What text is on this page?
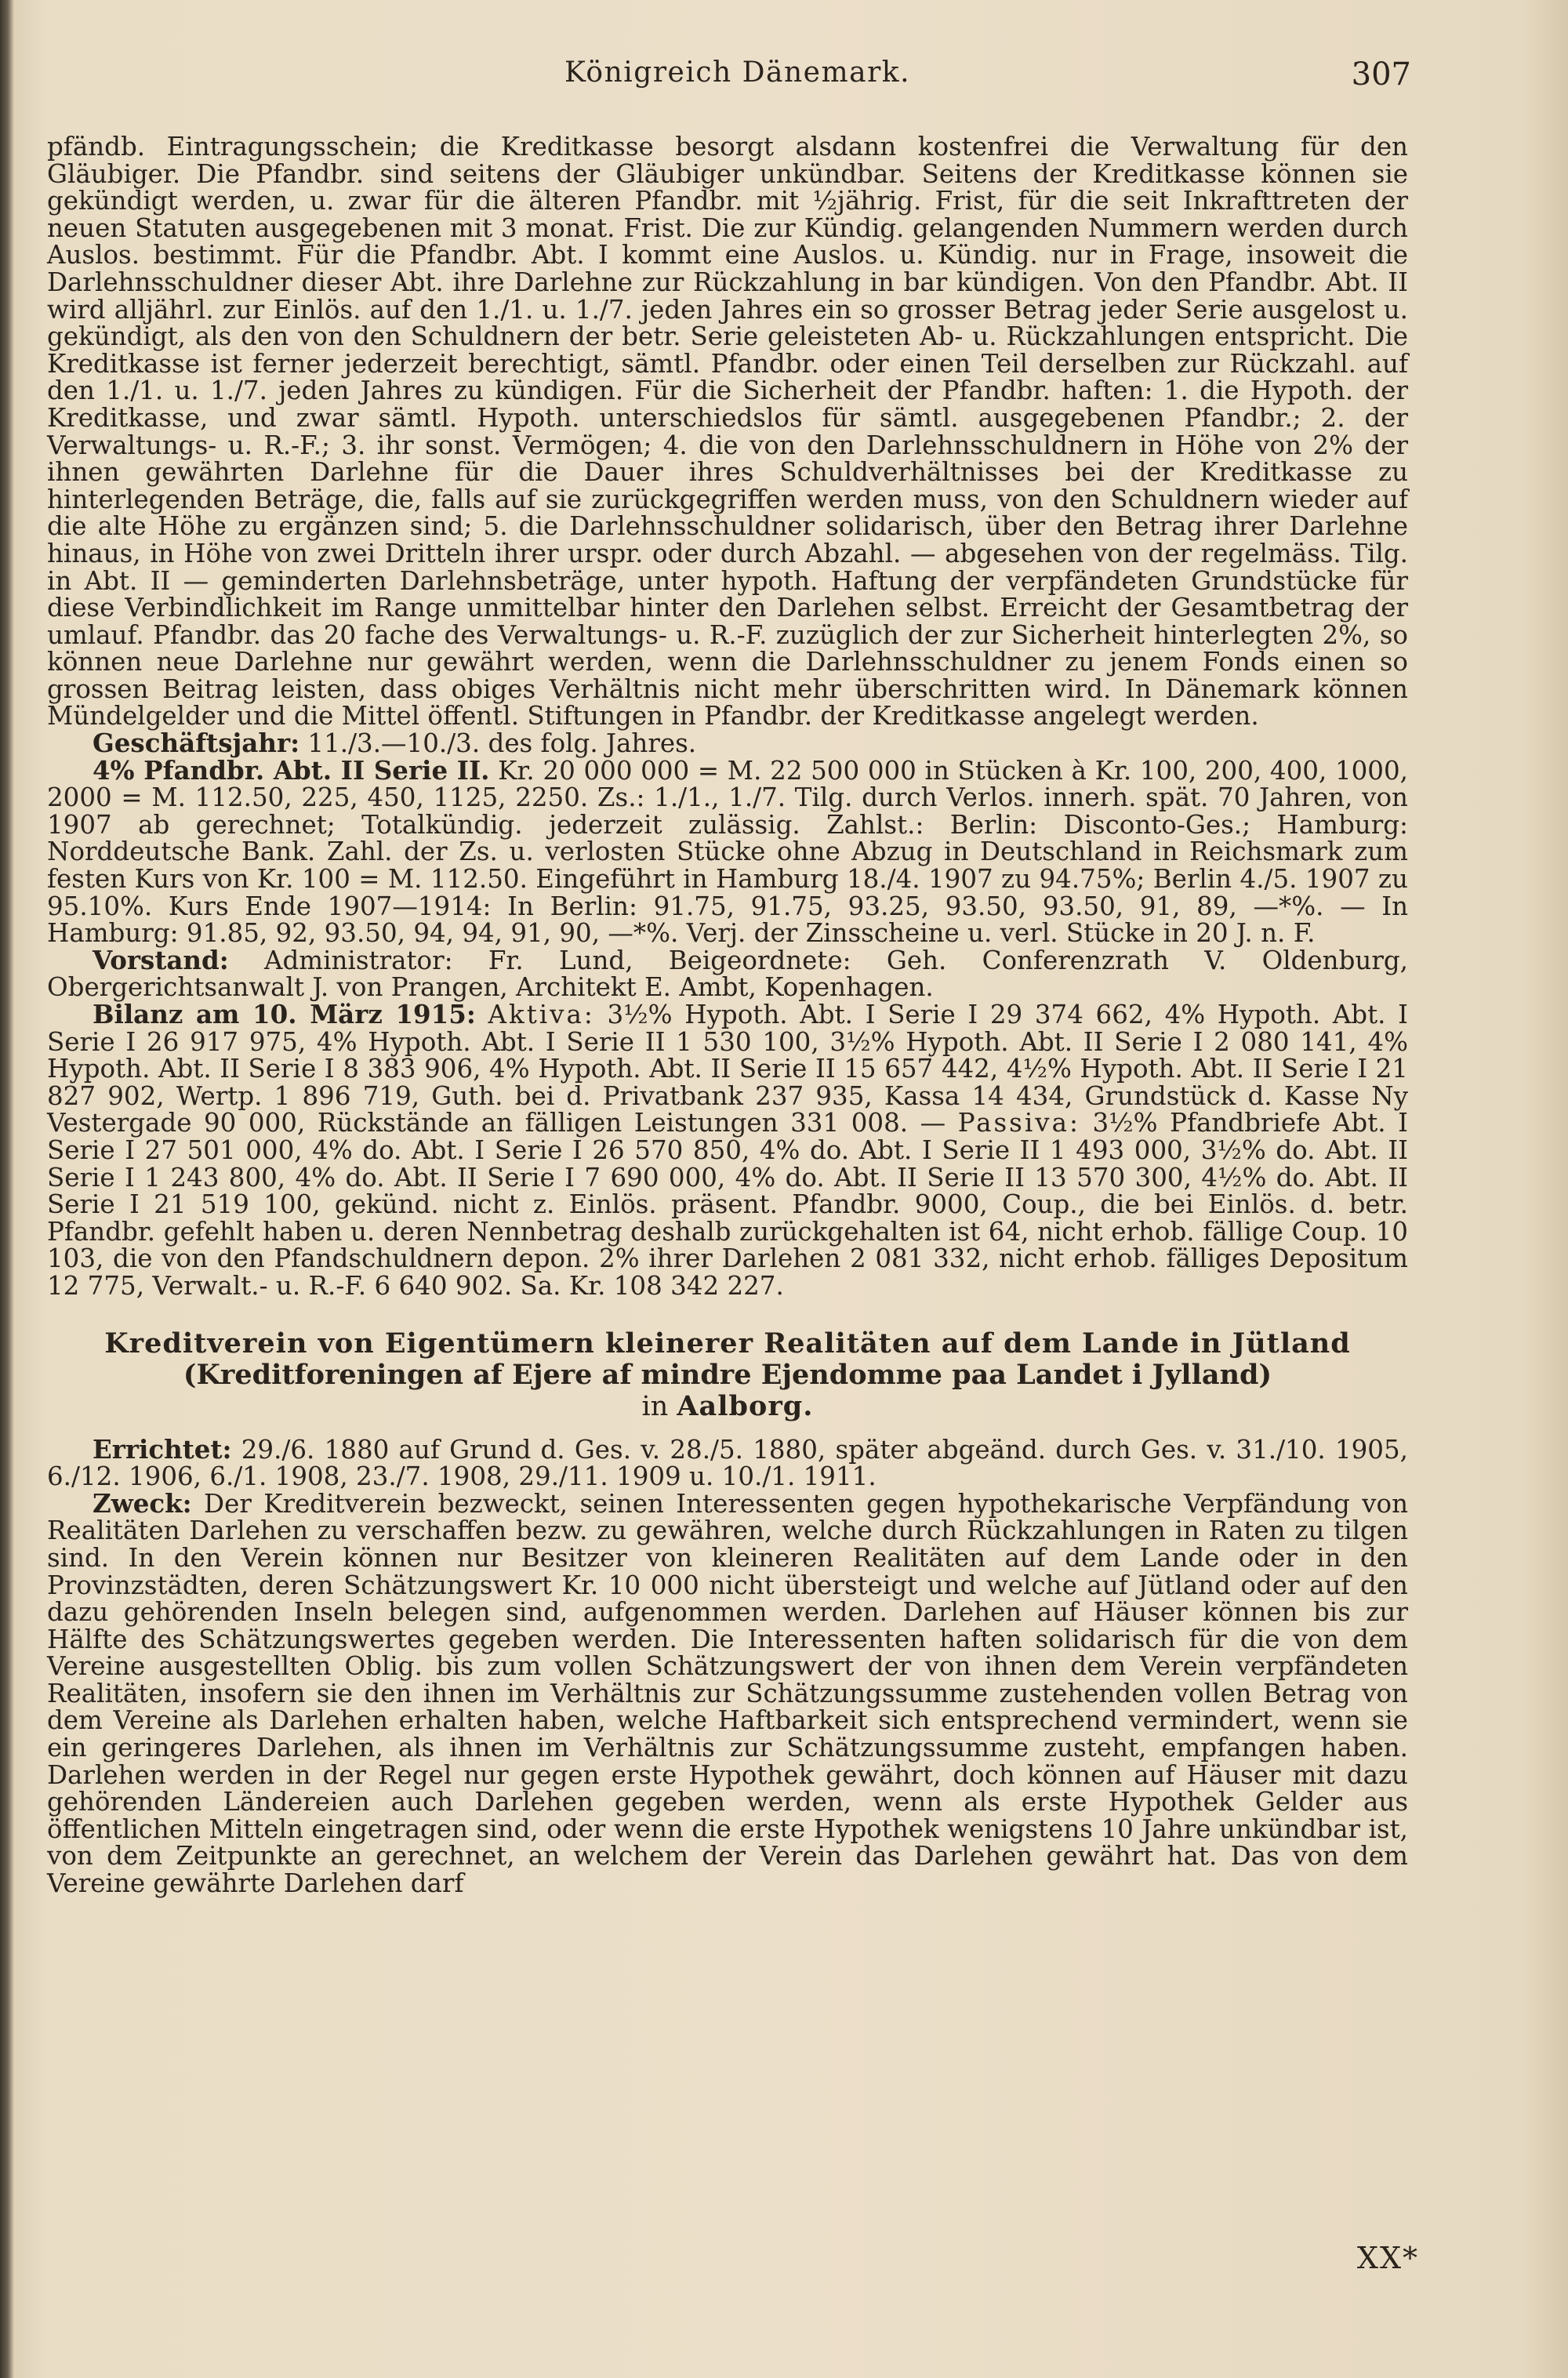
Königreich Dänemark.	307

pfändb. Eintragungsschein; die Kreditkasse besorgt alsdann kostenfrei die Verwaltung für den Gläubiger. Die Pfandbr. sind seitens der Gläubiger unkündbar. Seitens der Kreditkasse können sie gekündigt werden, u. zwar für die älteren Pfandbr. mit ½jährig. Frist, für die seit Inkrafttreten der neuen Statuten ausgegebenen mit 3 monat. Frist. Die zur Kündig. gelangenden Nummern werden durch Auslos. bestimmt. Für die Pfandbr. Abt. I kommt eine Auslos. u. Kündig. nur in Frage, insoweit die Darlehnsschuldner dieser Abt. ihre Darlehne zur Rückzahlung in bar kündigen. Von den Pfandbr. Abt. II wird alljährl. zur Einlös. auf den 1./1. u. 1./7. jeden Jahres ein so grosser Betrag jeder Serie ausgelost u. gekündigt, als den von den Schuldnern der betr. Serie geleisteten Ab- u. Rückzahlungen entspricht. Die Kreditkasse ist ferner jederzeit berechtigt, sämtl. Pfandbr. oder einen Teil derselben zur Rückzahl. auf den 1./1. u. 1./7. jeden Jahres zu kündigen. Für die Sicherheit der Pfandbr. haften: 1. die Hypoth. der Kreditkasse, und zwar sämtl. Hypoth. unterschiedslos für sämtl. ausgegebenen Pfandbr.; 2. der Verwaltungs- u. R.-F.; 3. ihr sonst. Vermögen; 4. die von den Darlehnsschuldnern in Höhe von 2% der ihnen gewährten Darlehne für die Dauer ihres Schuldverhältnisses bei der Kreditkasse zu hinterlegenden Beträge, die, falls auf sie zurückgegriffen werden muss, von den Schuldnern wieder auf die alte Höhe zu ergänzen sind; 5. die Darlehnsschuldner solidarisch, über den Betrag ihrer Darlehne hinaus, in Höhe von zwei Dritteln ihrer urspr. oder durch Abzahl. — abgesehen von der regelmäss. Tilg. in Abt. II — geminderten Darlehnsbeträge, unter hypoth. Haftung der verpfändeten Grundstücke für diese Verbindlichkeit im Range unmittelbar hinter den Darlehen selbst. Erreicht der Gesamtbetrag der umlauf. Pfandbr. das 20 fache des Verwaltungs- u. R.-F. zuzüglich der zur Sicherheit hinterlegten 2%, so können neue Darlehne nur gewährt werden, wenn die Darlehnsschuldner zu jenem Fonds einen so grossen Beitrag leisten, dass obiges Verhältnis nicht mehr überschritten wird. In Dänemark können Mündelgelder und die Mittel öffentl. Stiftungen in Pfandbr. der Kreditkasse angelegt werden.

Geschäftsjahr: 11./3.—10./3. des folg. Jahres.

4% Pfandbr. Abt. II Serie II. Kr. 20 000 000 = M. 22 500 000 in Stücken à Kr. 100, 200, 400, 1000, 2000 = M. 112.50, 225, 450, 1125, 2250. Zs.: 1./1., 1./7. Tilg. durch Verlos. innerh. spät. 70 Jahren, von 1907 ab gerechnet; Totalkündig. jederzeit zulässig. Zahlst.: Berlin: Disconto-Ges.; Hamburg: Norddeutsche Bank. Zahl. der Zs. u. verlosten Stücke ohne Abzug in Deutschland in Reichsmark zum festen Kurs von Kr. 100 = M. 112.50. Eingeführt in Hamburg 18./4. 1907 zu 94.75%; Berlin 4./5. 1907 zu 95.10%. Kurs Ende 1907—1914: In Berlin: 91.75, 91.75, 93.25, 93.50, 93.50, 91, 89, —*%. — In Hamburg: 91.85, 92, 93.50, 94, 94, 91, 90, —*%. Verj. der Zinsscheine u. verl. Stücke in 20 J. n. F.

Vorstand: Administrator: Fr. Lund, Beigeordnete: Geh. Conferenzrath V. Oldenburg, Obergerichtsanwalt J. von Prangen, Architekt E. Ambt, Kopenhagen.

Bilanz am 10. März 1915: Aktiva: 3½% Hypoth. Abt. I Serie I 29 374 662, 4% Hypoth. Abt. I Serie I 26 917 975, 4% Hypoth. Abt. I Serie II 1 530 100, 3½% Hypoth. Abt. II Serie I 2 080 141, 4% Hypoth. Abt. II Serie I 8 383 906, 4% Hypoth. Abt. II Serie II 15 657 442, 4½% Hypoth. Abt. II Serie I 21 827 902, Wertp. 1 896 719, Guth. bei d. Privatbank 237 935, Kassa 14 434, Grundstück d. Kasse Ny Vestergade 90 000, Rückstände an fälligen Leistungen 331 008. — Passiva: 3½% Pfandbriefe Abt. I Serie I 27 501 000, 4% do. Abt. I Serie I 26 570 850, 4% do. Abt. I Serie II 1 493 000, 3½% do. Abt. II Serie I 1 243 800, 4% do. Abt. II Serie I 7 690 000, 4% do. Abt. II Serie II 13 570 300, 4½% do. Abt. II Serie I 21 519 100, gekünd. nicht z. Einlös. präsent. Pfandbr. 9000, Coup., die bei Einlös. d. betr. Pfandbr. gefehlt haben u. deren Nennbetrag deshalb zurückgehalten ist 64, nicht erhob. fällige Coup. 10 103, die von den Pfandschuldnern depon. 2% ihrer Darlehen 2 081 332, nicht erhob. fälliges Depositum 12 775, Verwalt.- u. R.-F. 6 640 902. Sa. Kr. 108 342 227.

Kreditverein von Eigentümern kleinerer Realitäten auf dem Lande in Jütland (Kreditforeningen af Ejere af mindre Ejendomme paa Landet i Jylland)
in Aalborg.

Errichtet: 29./6. 1880 auf Grund d. Ges. v. 28./5. 1880, später abgeänd. durch Ges. v. 31./10. 1905, 6./12. 1906, 6./1. 1908, 23./7. 1908, 29./11. 1909 u. 10./1. 1911.

Zweck: Der Kreditverein bezweckt, seinen Interessenten gegen hypothekarische Verpfändung von Realitäten Darlehen zu verschaffen bezw. zu gewähren, welche durch Rückzahlungen in Raten zu tilgen sind. In den Verein können nur Besitzer von kleineren Realitäten auf dem Lande oder in den Provinzstädten, deren Schätzungswert Kr. 10 000 nicht übersteigt und welche auf Jütland oder auf den dazu gehörenden Inseln belegen sind, aufgenommen werden. Darlehen auf Häuser können bis zur Hälfte des Schätzungswertes gegeben werden. Die Interessenten haften solidarisch für die von dem Vereine ausgestellten Oblig. bis zum vollen Schätzungswert der von ihnen dem Verein verpfändeten Realitäten, insofern sie den ihnen im Verhältnis zur Schätzungssumme zustehenden vollen Betrag von dem Vereine als Darlehen erhalten haben, welche Haftbarkeit sich entsprechend vermindert, wenn sie ein geringeres Darlehen, als ihnen im Verhältnis zur Schätzungssumme zusteht, empfangen haben. Darlehen werden in der Regel nur gegen erste Hypothek gewährt, doch können auf Häuser mit dazu gehörenden Ländereien auch Darlehen gegeben werden, wenn als erste Hypothek Gelder aus öffentlichen Mitteln eingetragen sind, oder wenn die erste Hypothek wenigstens 10 Jahre unkündbar ist, von dem Zeitpunkte an gerechnet, an welchem der Verein das Darlehen gewährt hat. Das von dem Vereine gewährte Darlehen darf

XX*
